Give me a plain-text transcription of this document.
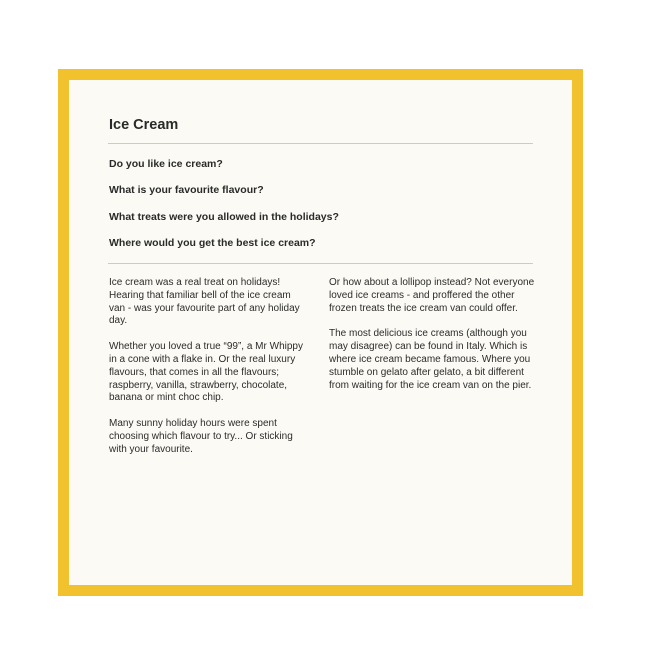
Ice Cream

Do you like ice cream?

What is your favourite flavour?

What treats were you allowed in the holidays?

Where would you get the best ice cream?

Ice cream was a real treat on holidays! Hearing that familiar bell of the ice cream van - was your favourite part of any holiday day.

Whether you loved a true “99”, a Mr Whippy in a cone with a flake in. Or the real luxury flavours, that comes in all the flavours; raspberry, vanilla, strawberry, chocolate, banana or mint choc chip.

Many sunny holiday hours were spent choosing which flavour to try... Or sticking with your favourite.

Or how about a lollipop instead? Not everyone loved ice creams - and proffered the other frozen treats the ice cream van could offer.

The most delicious ice creams (although you may disagree) can be found in Italy. Which is where ice cream became famous. Where you stumble on gelato after gelato, a bit different from waiting for the ice cream van on the pier.
